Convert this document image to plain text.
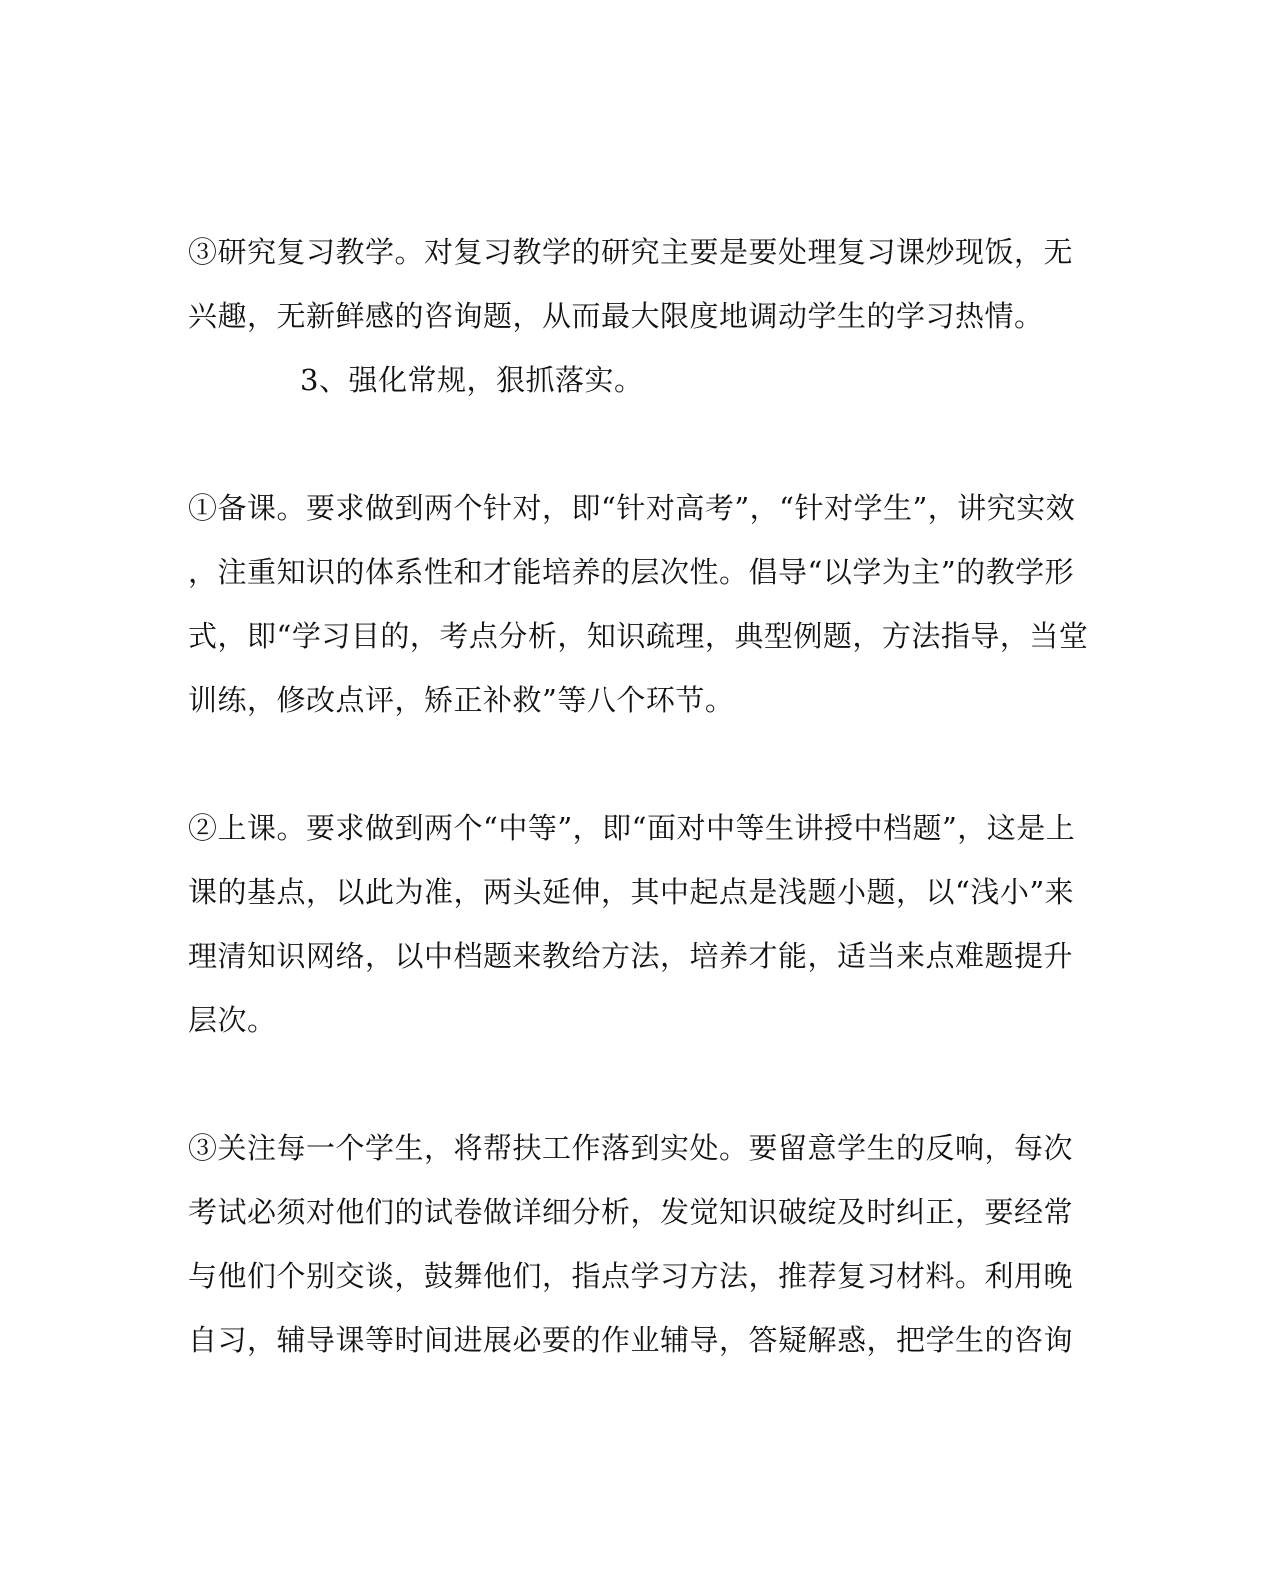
③研究复习教学。对复习教学的研究主要是要处理复习课炒现饭，无
兴趣，无新鲜感的咨询题，从而最大限度地调动学生的学习热情。
3、强化常规，狠抓落实。
①备课。要求做到两个针对，即“针对高考”，“针对学生”，讲究实效
，注重知识的体系性和才能培养的层次性。倡导“以学为主”的教学形
式，即“学习目的，考点分析，知识疏理，典型例题，方法指导，当堂
训练，修改点评，矫正补救”等八个环节。
②上课。要求做到两个“中等”，即“面对中等生讲授中档题”，这是上
课的基点，以此为准，两头延伸，其中起点是浅题小题，以“浅小”来
理清知识网络，以中档题来教给方法，培养才能，适当来点难题提升
层次。
③关注每一个学生，将帮扶工作落到实处。要留意学生的反响，每次
考试必须对他们的试卷做详细分析，发觉知识破绽及时纠正，要经常
与他们个别交谈，鼓舞他们，指点学习方法，推荐复习材料。利用晚
自习，辅导课等时间进展必要的作业辅导，答疑解惑，把学生的咨询
